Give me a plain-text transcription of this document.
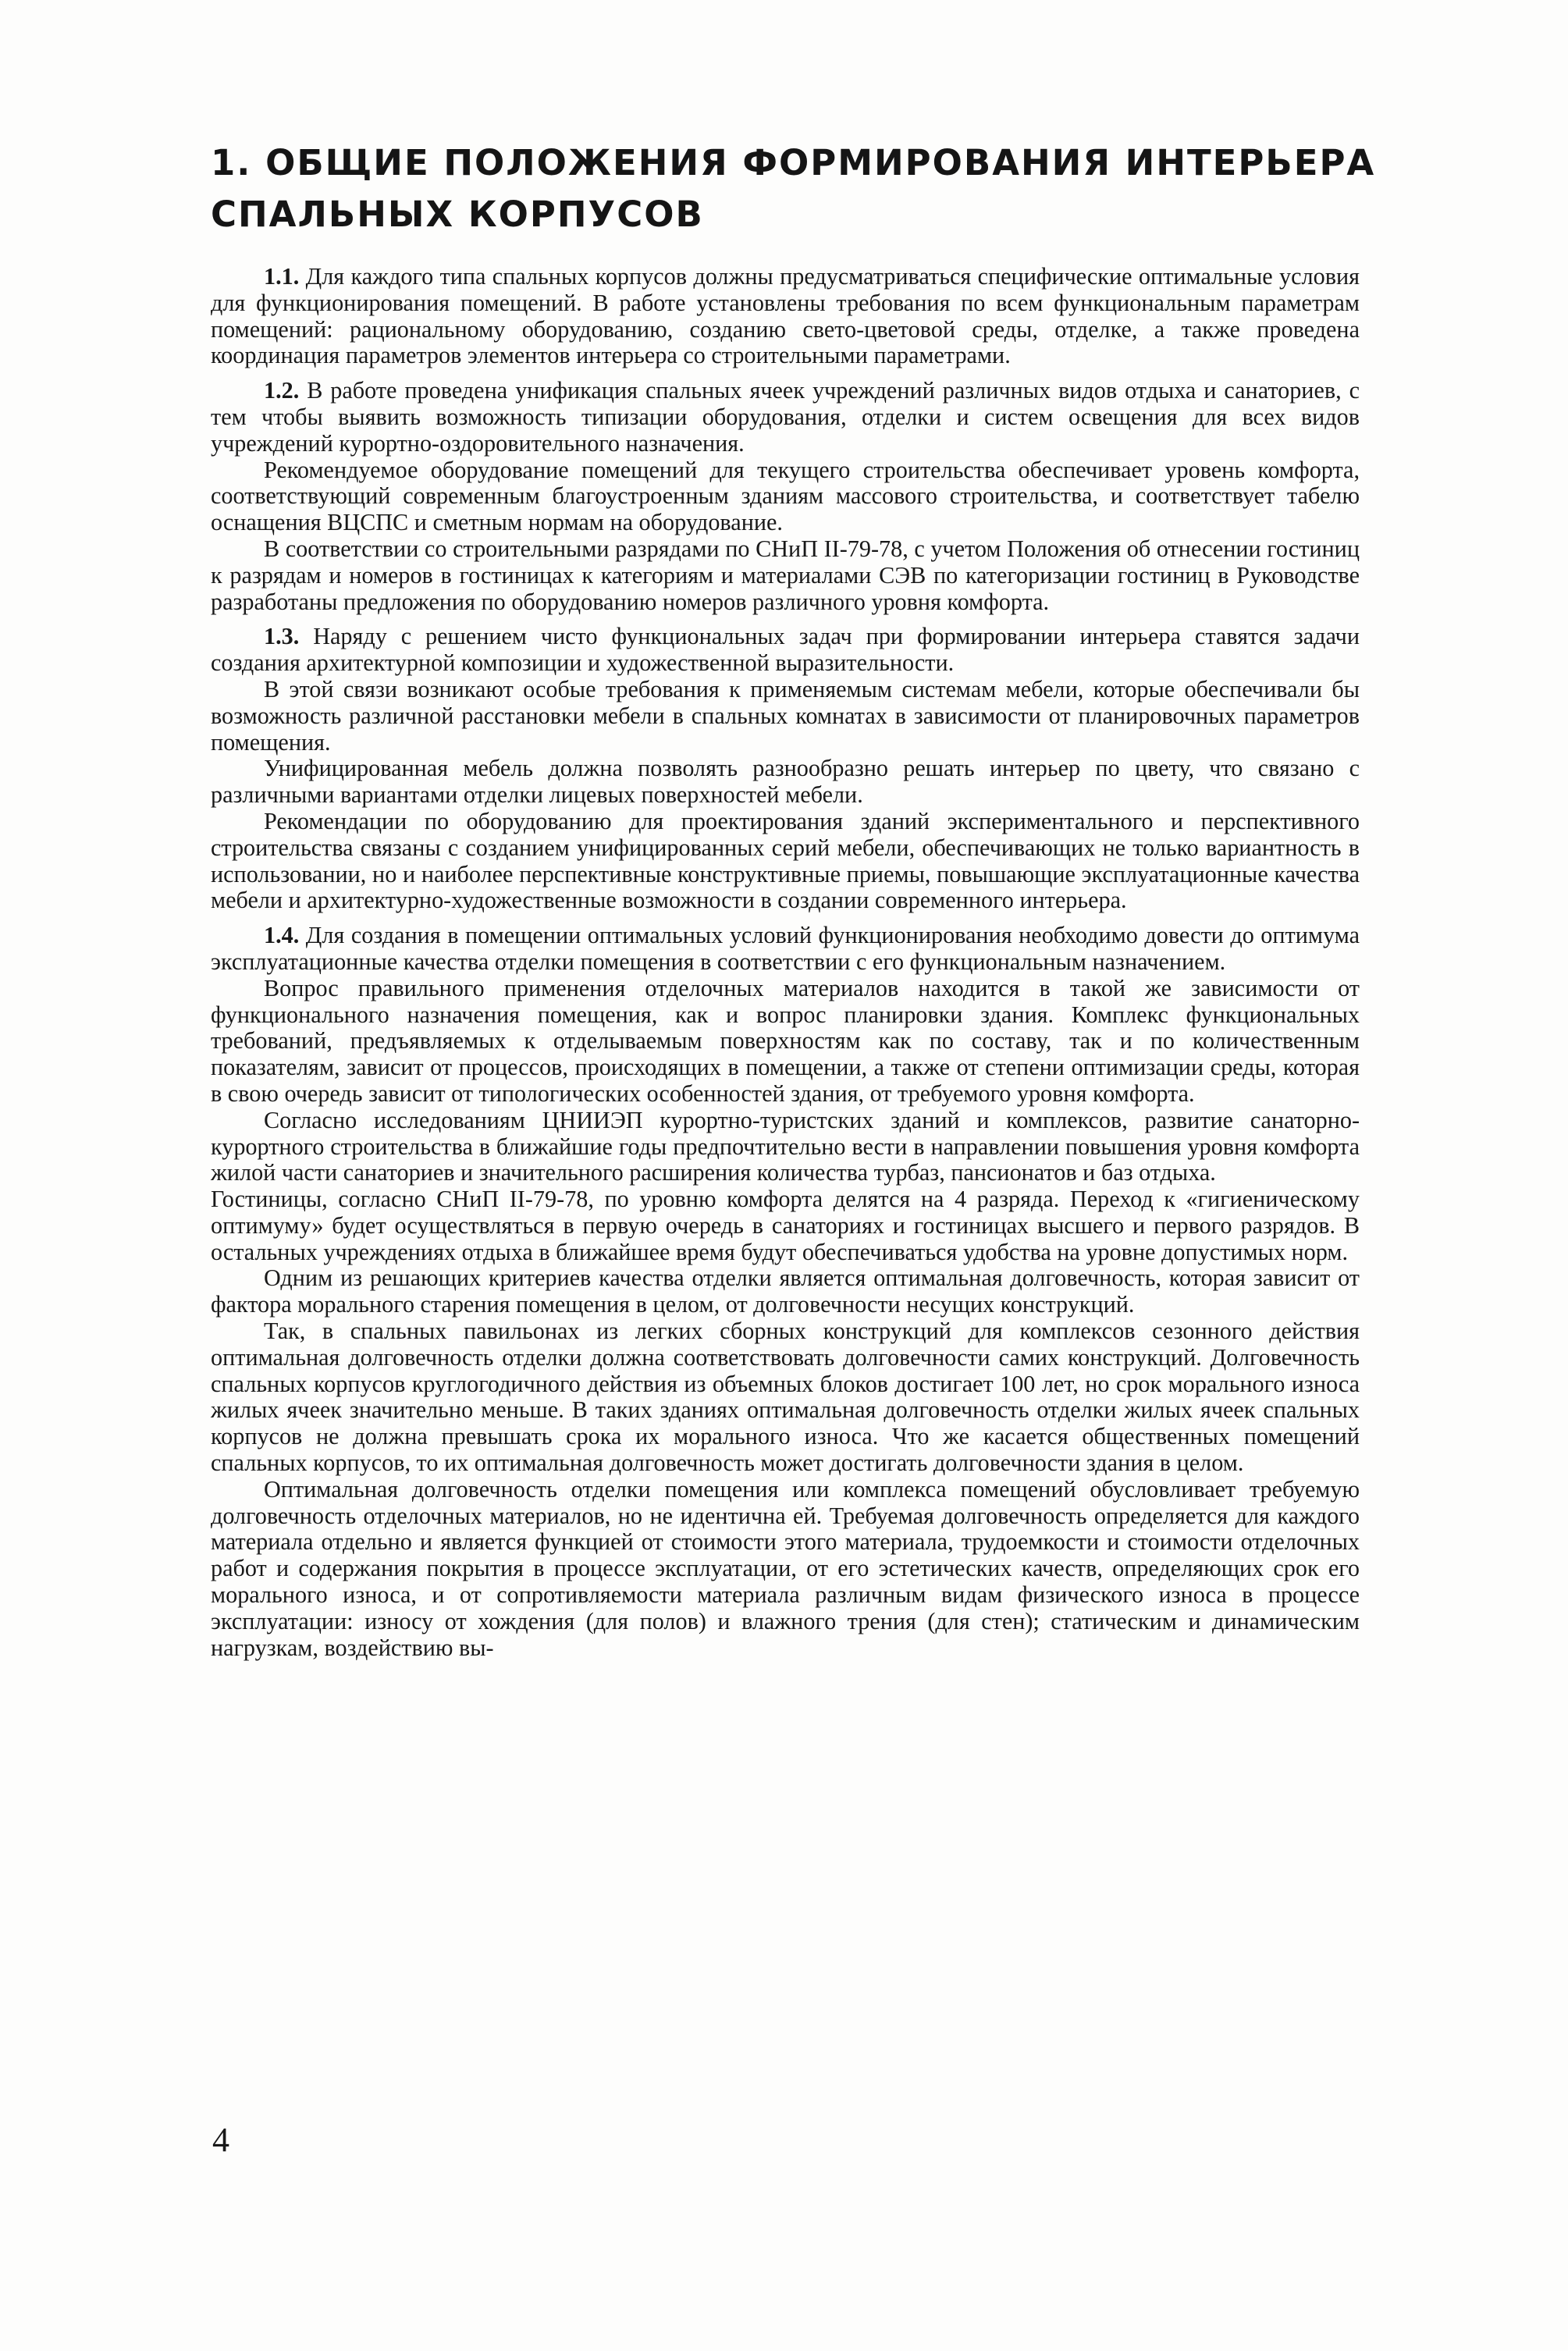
1. ОБЩИЕ ПОЛОЖЕНИЯ ФОРМИРОВАНИЯ ИНТЕРЬЕРА
СПАЛЬНЫХ КОРПУСОВ

1.1. Для каждого типа спальных корпусов должны предусматриваться специфические оптимальные условия для функционирования помещений. В работе установлены требования по всем функциональным параметрам помещений: рациональному оборудованию, созданию свето-цветовой среды, отделке, а также проведена координация параметров элементов интерьера со строительными параметрами.

1.2. В работе проведена унификация спальных ячеек учреждений различных видов отдыха и санаториев, с тем чтобы выявить возможность типизации оборудования, отделки и систем освещения для всех видов учреждений курортно-оздоровительного назначения.

Рекомендуемое оборудование помещений для текущего строительства обеспечивает уровень комфорта, соответствующий современным благоустроенным зданиям массового строительства, и соответствует табелю оснащения ВЦСПС и сметным нормам на оборудование.

В соответствии со строительными разрядами по СНиП II-79-78, с учетом Положения об отнесении гостиниц к разрядам и номеров в гостиницах к категориям и материалами СЭВ по категоризации гостиниц в Руководстве разработаны предложения по оборудованию номеров различного уровня комфорта.

1.3. Наряду с решением чисто функциональных задач при формировании интерьера ставятся задачи создания архитектурной композиции и художественной выразительности.

В этой связи возникают особые требования к применяемым системам мебели, которые обеспечивали бы возможность различной расстановки мебели в спальных комнатах в зависимости от планировочных параметров помещения.

Унифицированная мебель должна позволять разнообразно решать интерьер по цвету, что связано с различными вариантами отделки лицевых поверхностей мебели.

Рекомендации по оборудованию для проектирования зданий экспериментального и перспективного строительства связаны с созданием унифицированных серий мебели, обеспечивающих не только вариантность в использовании, но и наиболее перспективные конструктивные приемы, повышающие эксплуатационные качества мебели и архитектурно-художественные возможности в создании современного интерьера.

1.4. Для создания в помещении оптимальных условий функционирования необходимо довести до оптимума эксплуатационные качества отделки помещения в соответствии с его функциональным назначением.

Вопрос правильного применения отделочных материалов находится в такой же зависимости от функционального назначения помещения, как и вопрос планировки здания. Комплекс функциональных требований, предъявляемых к отделываемым поверхностям как по составу, так и по количественным показателям, зависит от процессов, происходящих в помещении, а также от степени оптимизации среды, которая в свою очередь зависит от типологических особенностей здания, от требуемого уровня комфорта.

Согласно исследованиям ЦНИИЭП курортно-туристских зданий и комплексов, развитие санаторно-курортного строительства в ближайшие годы предпочтительно вести в направлении повышения уровня комфорта жилой части санаториев и значительного расширения количества турбаз, пансионатов и баз отдыха.

Гостиницы, согласно СНиП II-79-78, по уровню комфорта делятся на 4 разряда. Переход к «гигиеническому оптимуму» будет осуществляться в первую очередь в санаториях и гостиницах высшего и первого разрядов. В остальных учреждениях отдыха в ближайшее время будут обеспечиваться удобства на уровне допустимых норм.

Одним из решающих критериев качества отделки является оптимальная долговечность, которая зависит от фактора морального старения помещения в целом, от долговечности несущих конструкций.

Так, в спальных павильонах из легких сборных конструкций для комплексов сезонного действия оптимальная долговечность отделки должна соответствовать долговечности самих конструкций. Долговечность спальных корпусов круглогодичного действия из объемных блоков достигает 100 лет, но срок морального износа жилых ячеек значительно меньше. В таких зданиях оптимальная долговечность отделки жилых ячеек спальных корпусов не должна превышать срока их морального износа. Что же касается общественных помещений спальных корпусов, то их оптимальная долговечность может достигать долговечности здания в целом.

Оптимальная долговечность отделки помещения или комплекса помещений обусловливает требуемую долговечность отделочных материалов, но не идентична ей. Требуемая долговечность определяется для каждого материала отдельно и является функцией от стоимости этого материала, трудоемкости и стоимости отделочных работ и содержания покрытия в процессе эксплуатации, от его эстетических качеств, определяющих срок его морального износа, и от сопротивляемости материала различным видам физического износа в процессе эксплуатации: износу от хождения (для полов) и влажного трения (для стен); статическим и динамическим нагрузкам, воздействию вы-

4
